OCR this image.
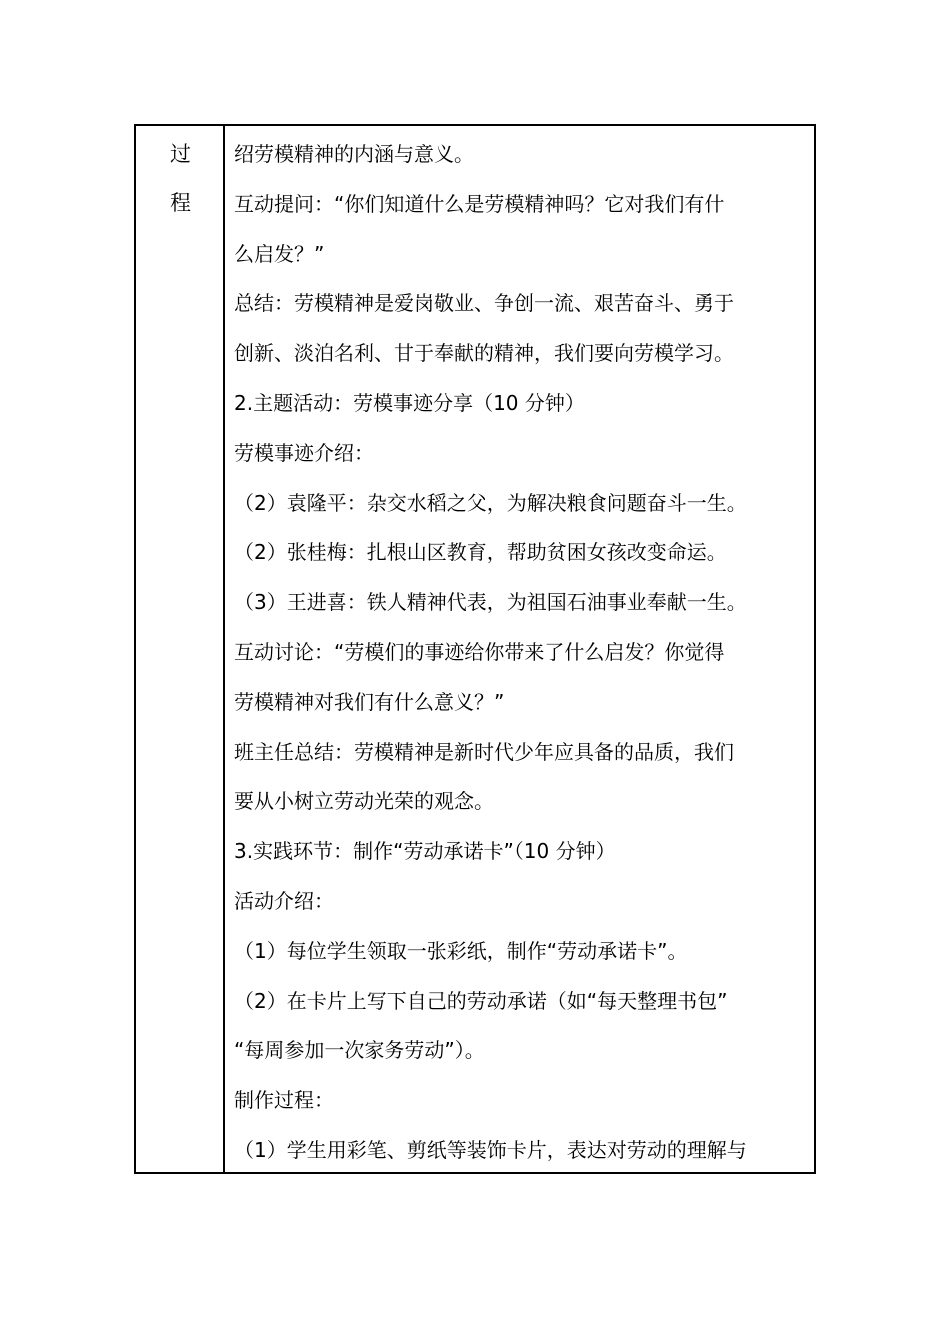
过
程
绍劳模精神的内涵与意义。
互动提问：“你们知道什么是劳模精神吗？它对我们有什
么启发？”
总结：劳模精神是爱岗敬业、争创一流、艰苦奋斗、勇于
创新、淡泊名利、甘于奉献的精神，我们要向劳模学习。
2.主题活动：劳模事迹分享（10 分钟）
劳模事迹介绍：
（2）袁隆平：杂交水稻之父，为解决粮食问题奋斗一生。
（2）张桂梅：扎根山区教育，帮助贫困女孩改变命运。
（3）王进喜：铁人精神代表，为祖国石油事业奉献一生。
互动讨论：“劳模们的事迹给你带来了什么启发？你觉得
劳模精神对我们有什么意义？”
班主任总结：劳模精神是新时代少年应具备的品质，我们
要从小树立劳动光荣的观念。
3.实践环节：制作“劳动承诺卡”（10 分钟）
活动介绍：
（1）每位学生领取一张彩纸，制作“劳动承诺卡”。
（2）在卡片上写下自己的劳动承诺（如“每天整理书包”
“每周参加一次家务劳动”）。
制作过程：
（1）学生用彩笔、剪纸等装饰卡片，表达对劳动的理解与
